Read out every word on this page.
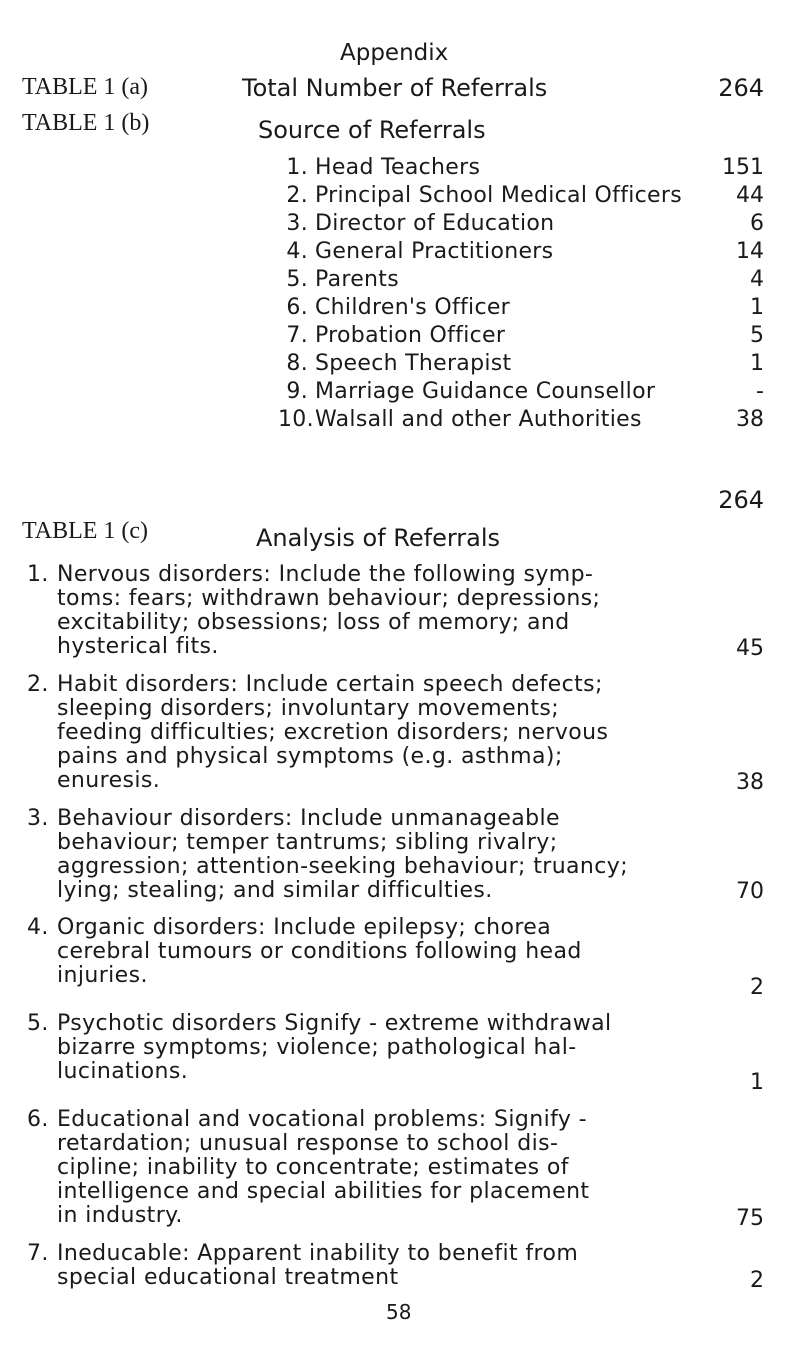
Appendix
TABLE 1 (a)	Total Number of Referrals	264
TABLE 1 (b)	Source of Referrals
1. Head Teachers	151
2. Principal School Medical Officers	44
3. Director of Education	6
4. General Practitioners	14
5. Parents	4
6. Children's Officer	1
7. Probation Officer	5
8. Speech Therapist	1
9. Marriage Guidance Counsellor	-
10. Walsall and other Authorities	38
264
TABLE 1 (c)	Analysis of Referrals
1. Nervous disorders: Include the following symp-
toms: fears; withdrawn behaviour; depressions;
excitability; obsessions; loss of memory; and
hysterical fits.	45
2. Habit disorders: Include certain speech defects;
sleeping disorders; involuntary movements;
feeding difficulties; excretion disorders; nervous
pains and physical symptoms (e.g. asthma);
enuresis.	38
3. Behaviour disorders: Include unmanageable
behaviour; temper tantrums; sibling rivalry;
aggression; attention-seeking behaviour; truancy;
lying; stealing; and similar difficulties.	70
4. Organic disorders: Include epilepsy; chorea
cerebral tumours or conditions following head
injuries.	2
5. Psychotic disorders Signify - extreme withdrawal
bizarre symptoms; violence; pathological hal-
lucinations.	1
6. Educational and vocational problems: Signify -
retardation; unusual response to school dis-
cipline; inability to concentrate; estimates of
intelligence and special abilities for placement
in industry.	75
7. Ineducable: Apparent inability to benefit from
special educational treatment	2
58
